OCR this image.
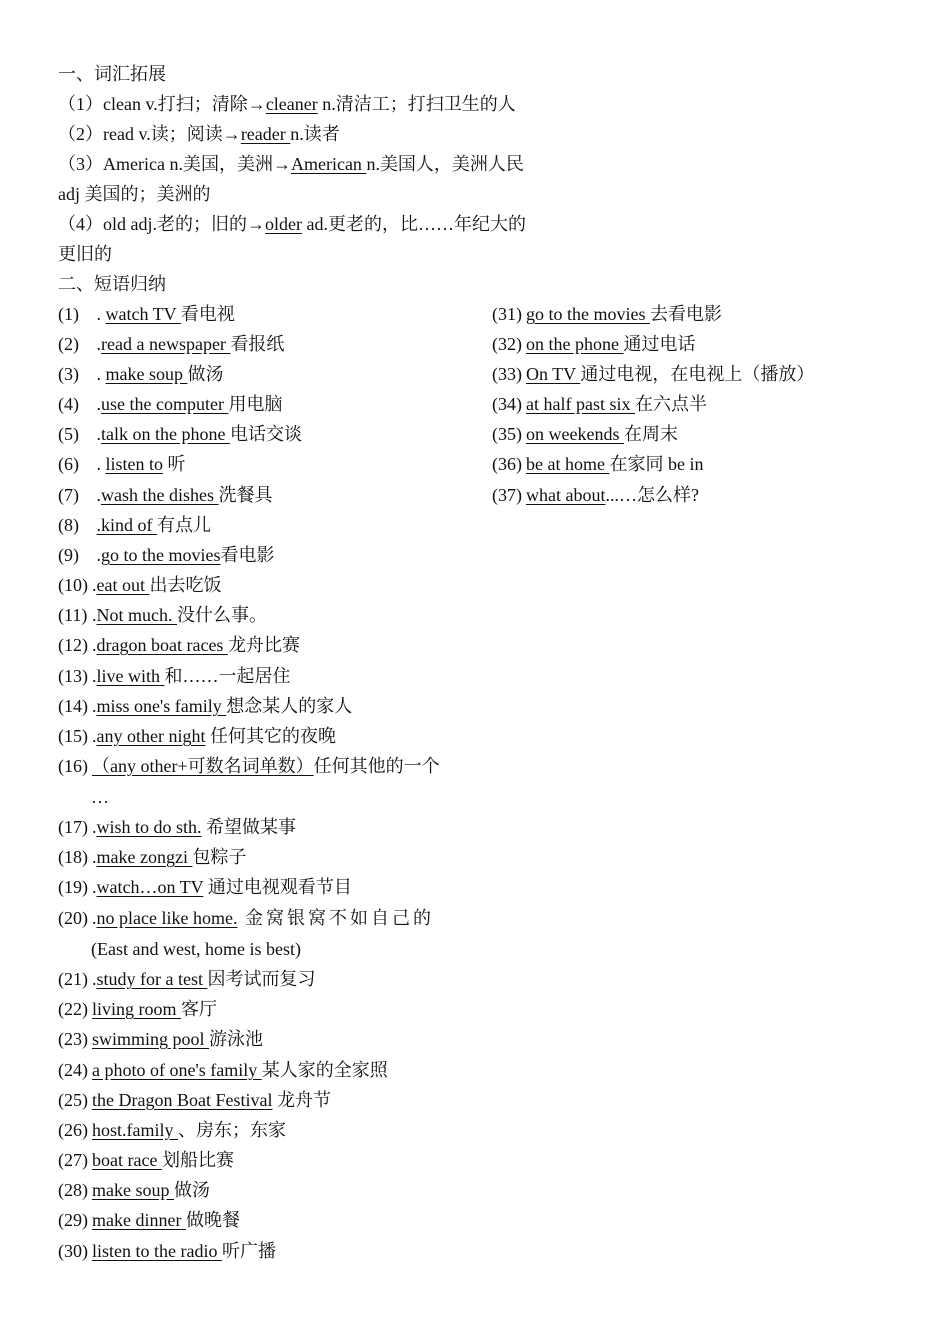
一、词汇拓展
（1）clean v.打扫；清除→cleaner n.清洁工；打扫卫生的人
（2）read v.读；阅读→reader n.读者
（3）America n.美国，美洲→American n.美国人，美洲人民
adj 美国的；美洲的
（4）old adj.老的；旧的→older ad.更老的，比……年纪大的
更旧的
二、短语归纳
(1) . watch TV 看电视
(2) .read a newspaper 看报纸
(3) . make soup 做汤
(4) .use the computer 用电脑
(5) .talk on the phone 电话交谈
(6) . listen to 听
(7) .wash the dishes 洗餐具
(8) .kind of 有点儿
(9) .go to the movies看电影
(10) .eat out 出去吃饭
(11) .Not much. 没什么事。
(12) .dragon boat races 龙舟比赛
(13) .live with 和……一起居住
(14) .miss one's family 想念某人的家人
(15) .any other night 任何其它的夜晚
(16) （any other+可数名词单数）任何其他的一个
(17) .wish to do sth. 希望做某事
(18) .make zongzi 包粽子
(19) .watch…on TV 通过电视观看节目
(20) .no place like home. 金窝银窝不如自己的
(21) .study for a test 因考试而复习
(22) living room 客厅
(23) swimming pool 游泳池
(24) a photo of one's family 某人家的全家照
(25) the Dragon Boat Festival 龙舟节
(26) host.family 、房东；东家
(27) boat race 划船比赛
(28) make soup 做汤
(29) make dinner 做晚餐
(30) listen to the radio 听广播
(31) go to the movies 去看电影
(32) on the phone 通过电话
(33) On TV 通过电视，在电视上（播放）
(34) at half past six 在六点半
(35) on weekends 在周末
(36) be at home 在家同 be in
(37) what about...…怎么样?
…
(East and west, home is best)
